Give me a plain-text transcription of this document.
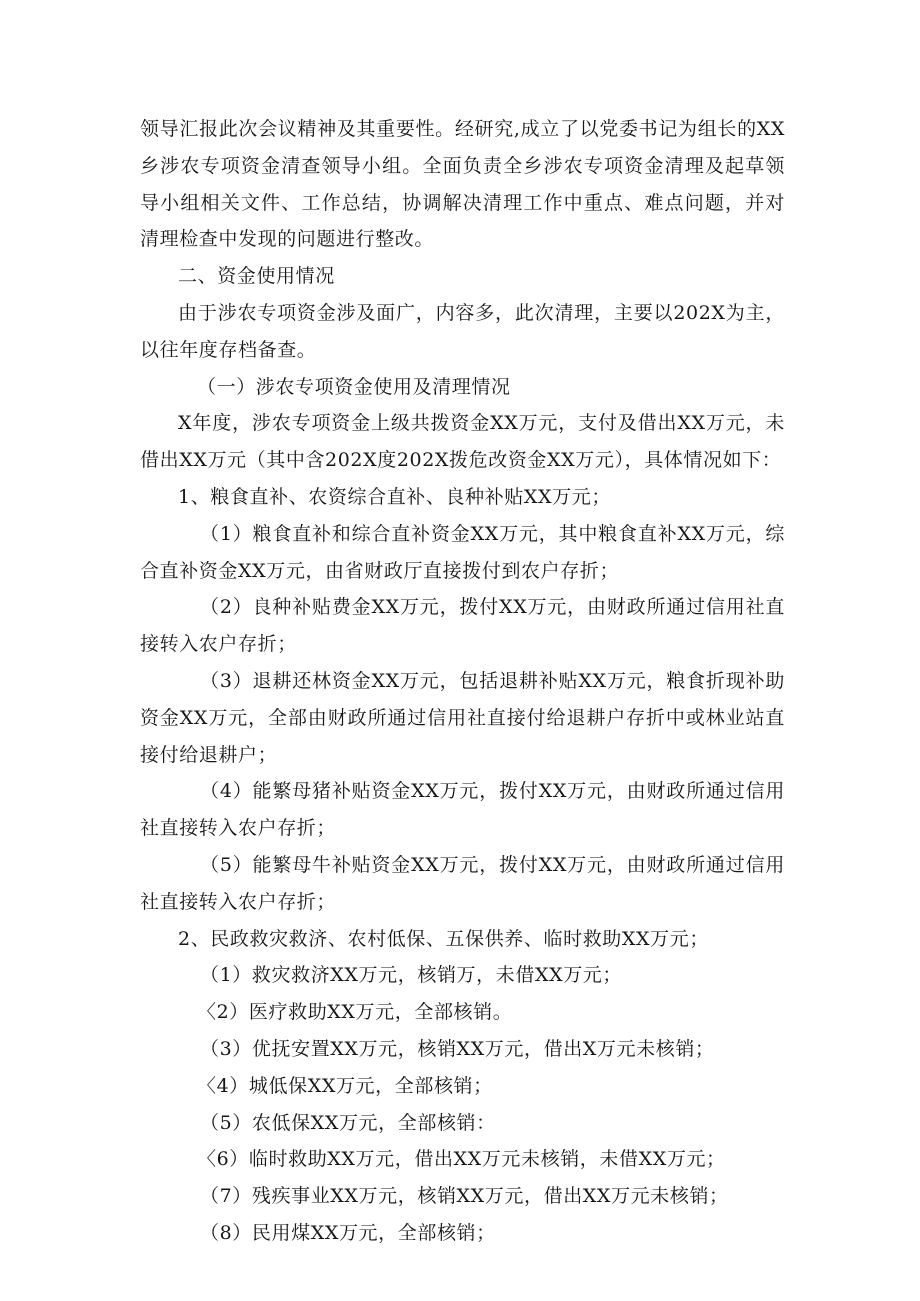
领导汇报此次会议精神及其重要性。经研究,成立了以党委书记为组长的XX乡涉农专项资金清查领导小组。全面负责全乡涉农专项资金清理及起草领导小组相关文件、工作总结，协调解决清理工作中重点、难点问题，并对清理检查中发现的问题进行整改。

二、资金使用情况

由于涉农专项资金涉及面广，内容多，此次清理，主要以202X为主，以往年度存档备查。

（一）涉农专项资金使用及清理情况

X年度，涉农专项资金上级共拨资金XX万元，支付及借出XX万元，未借出XX万元（其中含202X度202X拨危改资金XX万元），具体情况如下：

1、粮食直补、农资综合直补、良种补贴XX万元；

（1）粮食直补和综合直补资金XX万元，其中粮食直补XX万元，综合直补资金XX万元，由省财政厅直接拨付到农户存折；

（2）良种补贴费金XX万元，拨付XX万元，由财政所通过信用社直接转入农户存折；

（3）退耕还林资金XX万元，包括退耕补贴XX万元，粮食折现补助资金XX万元，全部由财政所通过信用社直接付给退耕户存折中或林业站直接付给退耕户；

（4）能繁母猪补贴资金XX万元，拨付XX万元，由财政所通过信用社直接转入农户存折；

（5）能繁母牛补贴资金XX万元，拨付XX万元，由财政所通过信用社直接转入农户存折；

2、民政救灾救济、农村低保、五保供养、临时救助XX万元；

（1）救灾救济XX万元，核销万，未借XX万元；

〈2）医疗救助XX万元，全部核销。

（3）优抚安置XX万元，核销XX万元，借出X万元未核销；

〈4）城低保XX万元，全部核销；

（5）农低保XX万元，全部核销：

〈6）临时救助XX万元，借出XX万元未核销，未借XX万元；

（7）残疾事业XX万元，核销XX万元，借出XX万元未核销；

（8）民用煤XX万元，全部核销；
